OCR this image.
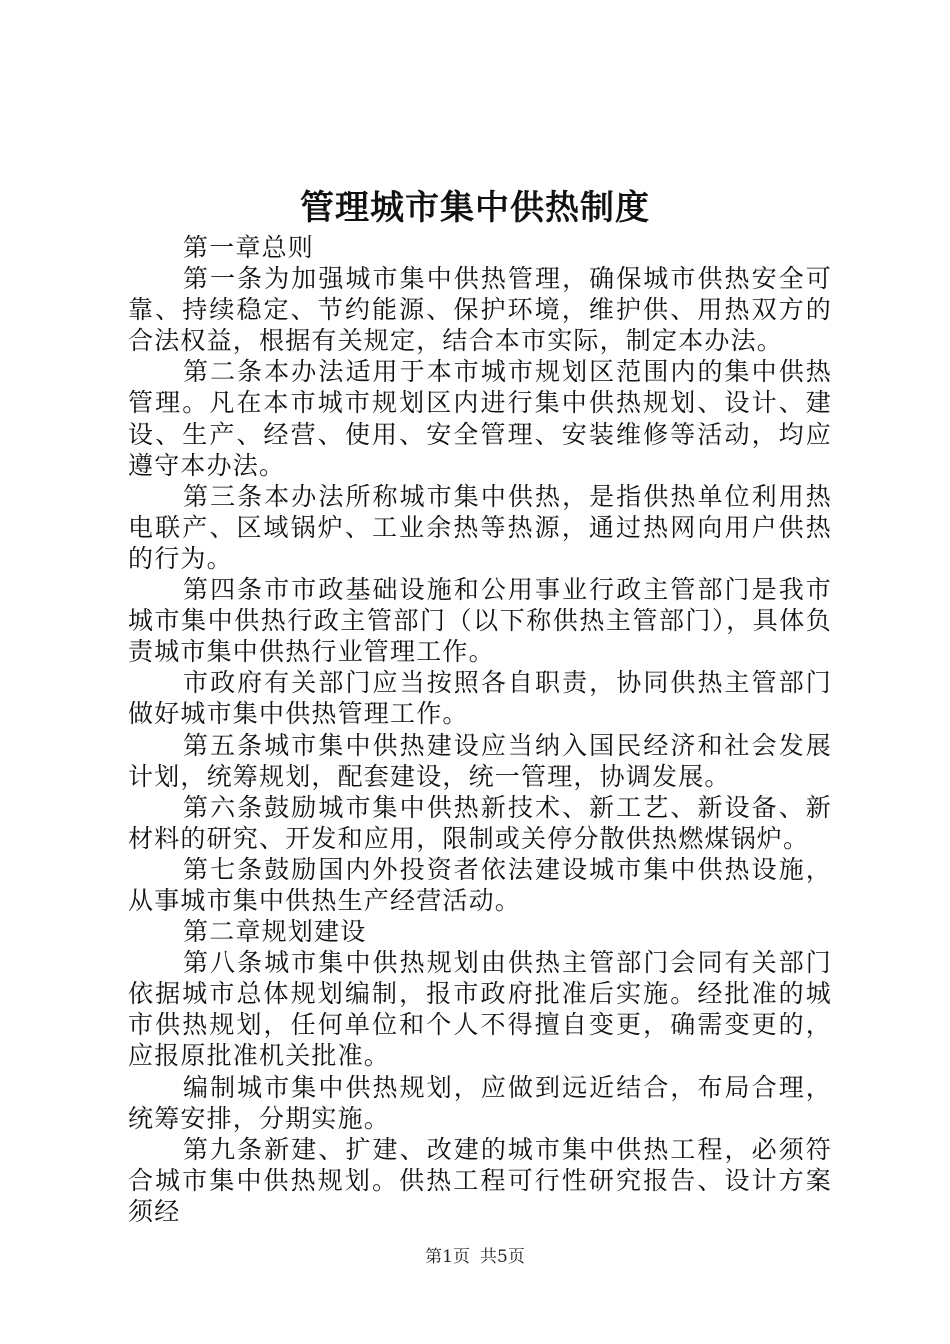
管理城市集中供热制度

第一章总则

第一条为加强城市集中供热管理，确保城市供热安全可靠、持续稳定、节约能源、保护环境，维护供、用热双方的合法权益，根据有关规定，结合本市实际，制定本办法。

第二条本办法适用于本市城市规划区范围内的集中供热管理。凡在本市城市规划区内进行集中供热规划、设计、建设、生产、经营、使用、安全管理、安装维修等活动，均应遵守本办法。

第三条本办法所称城市集中供热，是指供热单位利用热电联产、区域锅炉、工业余热等热源，通过热网向用户供热的行为。

第四条市市政基础设施和公用事业行政主管部门是我市城市集中供热行政主管部门（以下称供热主管部门），具体负责城市集中供热行业管理工作。

市政府有关部门应当按照各自职责，协同供热主管部门做好城市集中供热管理工作。

第五条城市集中供热建设应当纳入国民经济和社会发展计划，统筹规划，配套建设，统一管理，协调发展。

第六条鼓励城市集中供热新技术、新工艺、新设备、新材料的研究、开发和应用，限制或关停分散供热燃煤锅炉。

第七条鼓励国内外投资者依法建设城市集中供热设施，从事城市集中供热生产经营活动。

第二章规划建设

第八条城市集中供热规划由供热主管部门会同有关部门依据城市总体规划编制，报市政府批准后实施。经批准的城市供热规划，任何单位和个人不得擅自变更，确需变更的，应报原批准机关批准。

编制城市集中供热规划，应做到远近结合，布局合理，统筹安排，分期实施。

第九条新建、扩建、改建的城市集中供热工程，必须符合城市集中供热规划。供热工程可行性研究报告、设计方案须经

第1页 共5页
